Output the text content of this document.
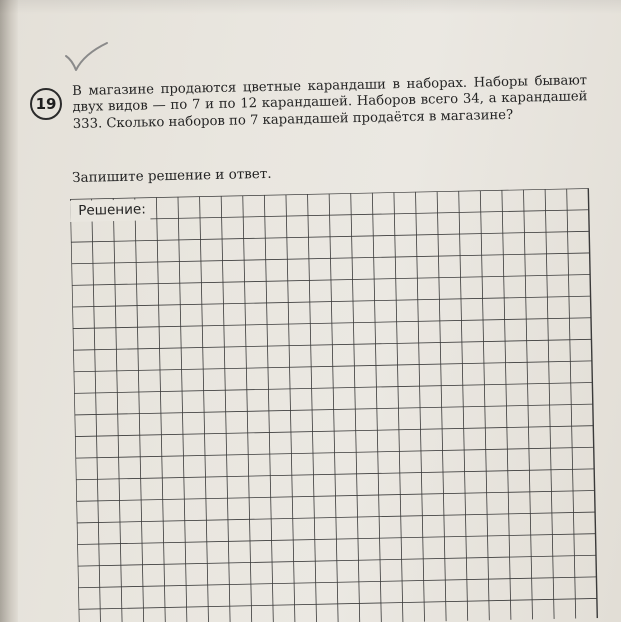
19

В магазине продаются цветные карандаши в наборах. Наборы бывают двух видов — по 7 и по 12 карандашей. Наборов всего 34, а карандашей 333. Сколько наборов по 7 карандашей продаётся в магазине?

Запишите решение и ответ.
Решение:
